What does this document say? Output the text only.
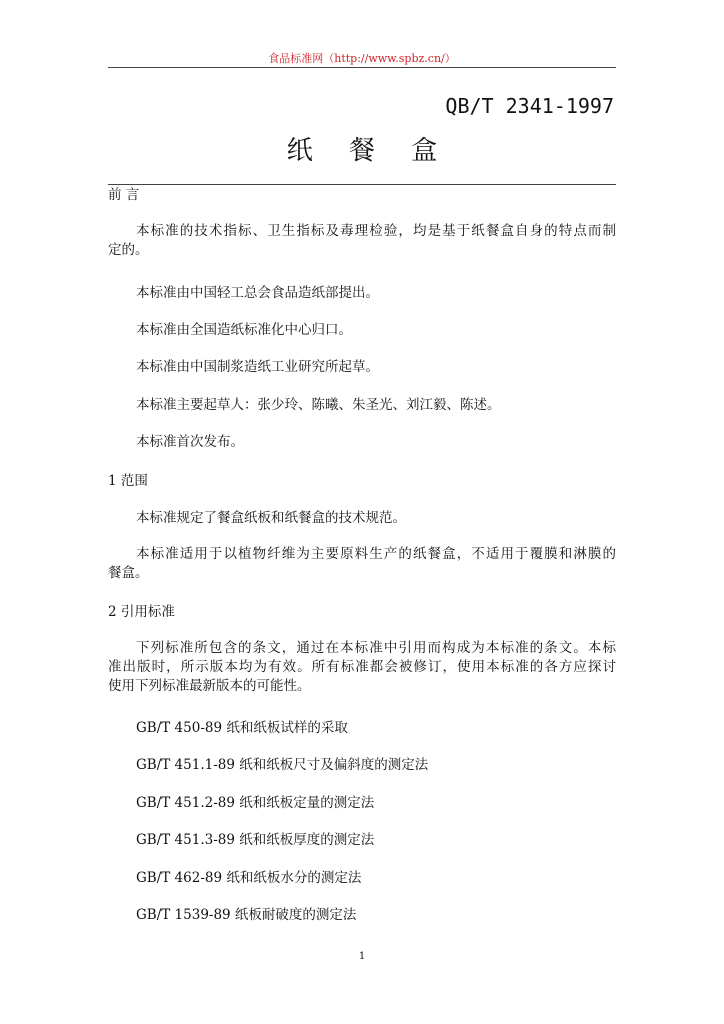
食品标准网（http://www.spbz.cn/）
QB/T 2341-1997
纸 餐 盒
前 言
本标准的技术指标、卫生指标及毒理检验，均是基于纸餐盒自身的特点而制
定的。
本标准由中国轻工总会食品造纸部提出。
本标准由全国造纸标准化中心归口。
本标准由中国制浆造纸工业研究所起草。
本标准主要起草人：张少玲、陈曦、朱圣光、刘江毅、陈述。
本标准首次发布。
1 范围
本标准规定了餐盒纸板和纸餐盒的技术规范。
本标准适用于以植物纤维为主要原料生产的纸餐盒，不适用于覆膜和淋膜的
餐盒。
2 引用标准
下列标准所包含的条文，通过在本标准中引用而构成为本标准的条文。本标
准出版时，所示版本均为有效。所有标准都会被修订，使用本标准的各方应探讨
使用下列标准最新版本的可能性。
GB/T 450-89 纸和纸板试样的采取
GB/T 451.1-89 纸和纸板尺寸及偏斜度的测定法
GB/T 451.2-89 纸和纸板定量的测定法
GB/T 451.3-89 纸和纸板厚度的测定法
GB/T 462-89 纸和纸板水分的测定法
GB/T 1539-89 纸板耐破度的测定法
1
